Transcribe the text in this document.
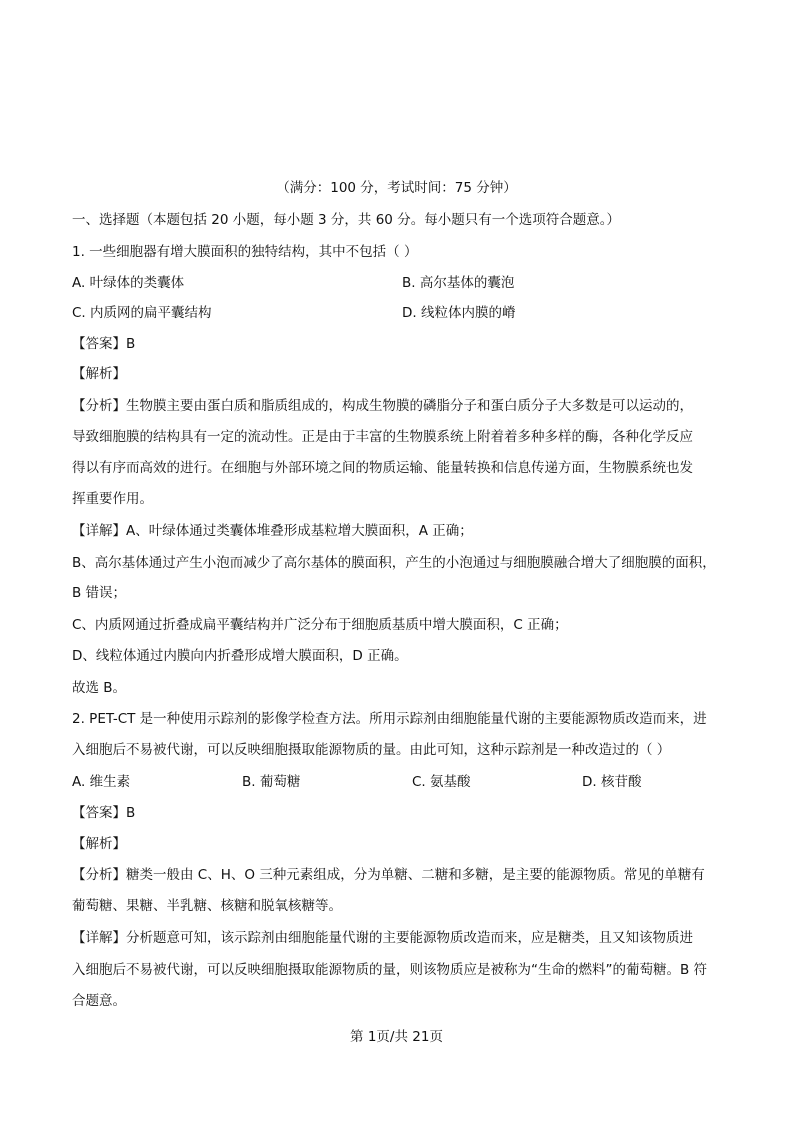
（满分：100 分，考试时间：75 分钟）
一、选择题（本题包括 20 小题，每小题 3 分，共 60 分。每小题只有一个选项符合题意。）
1. 一些细胞器有增大膜面积的独特结构，其中不包括（ ）
A. 叶绿体的类囊体	B. 高尔基体的囊泡
C. 内质网的扁平囊结构	D. 线粒体内膜的嵴
【答案】B
【解析】
【分析】生物膜主要由蛋白质和脂质组成的，构成生物膜的磷脂分子和蛋白质分子大多数是可以运动的，
导致细胞膜的结构具有一定的流动性。正是由于丰富的生物膜系统上附着着多种多样的酶，各种化学反应
得以有序而高效的进行。在细胞与外部环境之间的物质运输、能量转换和信息传递方面，生物膜系统也发
挥重要作用。
【详解】A、叶绿体通过类囊体堆叠形成基粒增大膜面积，A 正确；
B、高尔基体通过产生小泡而减少了高尔基体的膜面积，产生的小泡通过与细胞膜融合增大了细胞膜的面积，
B 错误；
C、内质网通过折叠成扁平囊结构并广泛分布于细胞质基质中增大膜面积，C 正确；
D、线粒体通过内膜向内折叠形成增大膜面积，D 正确。
故选 B。
2. PET-CT 是一种使用示踪剂的影像学检查方法。所用示踪剂由细胞能量代谢的主要能源物质改造而来，进
入细胞后不易被代谢，可以反映细胞摄取能源物质的量。由此可知，这种示踪剂是一种改造过的（ ）
A. 维生素	B. 葡萄糖	C. 氨基酸	D. 核苷酸
【答案】B
【解析】
【分析】糖类一般由 C、H、O 三种元素组成，分为单糖、二糖和多糖，是主要的能源物质。常见的单糖有
葡萄糖、果糖、半乳糖、核糖和脱氧核糖等。
【详解】分析题意可知，该示踪剂由细胞能量代谢的主要能源物质改造而来，应是糖类，且又知该物质进
入细胞后不易被代谢，可以反映细胞摄取能源物质的量，则该物质应是被称为“生命的燃料”的葡萄糖。B 符
合题意。
第 1页/共 21页
